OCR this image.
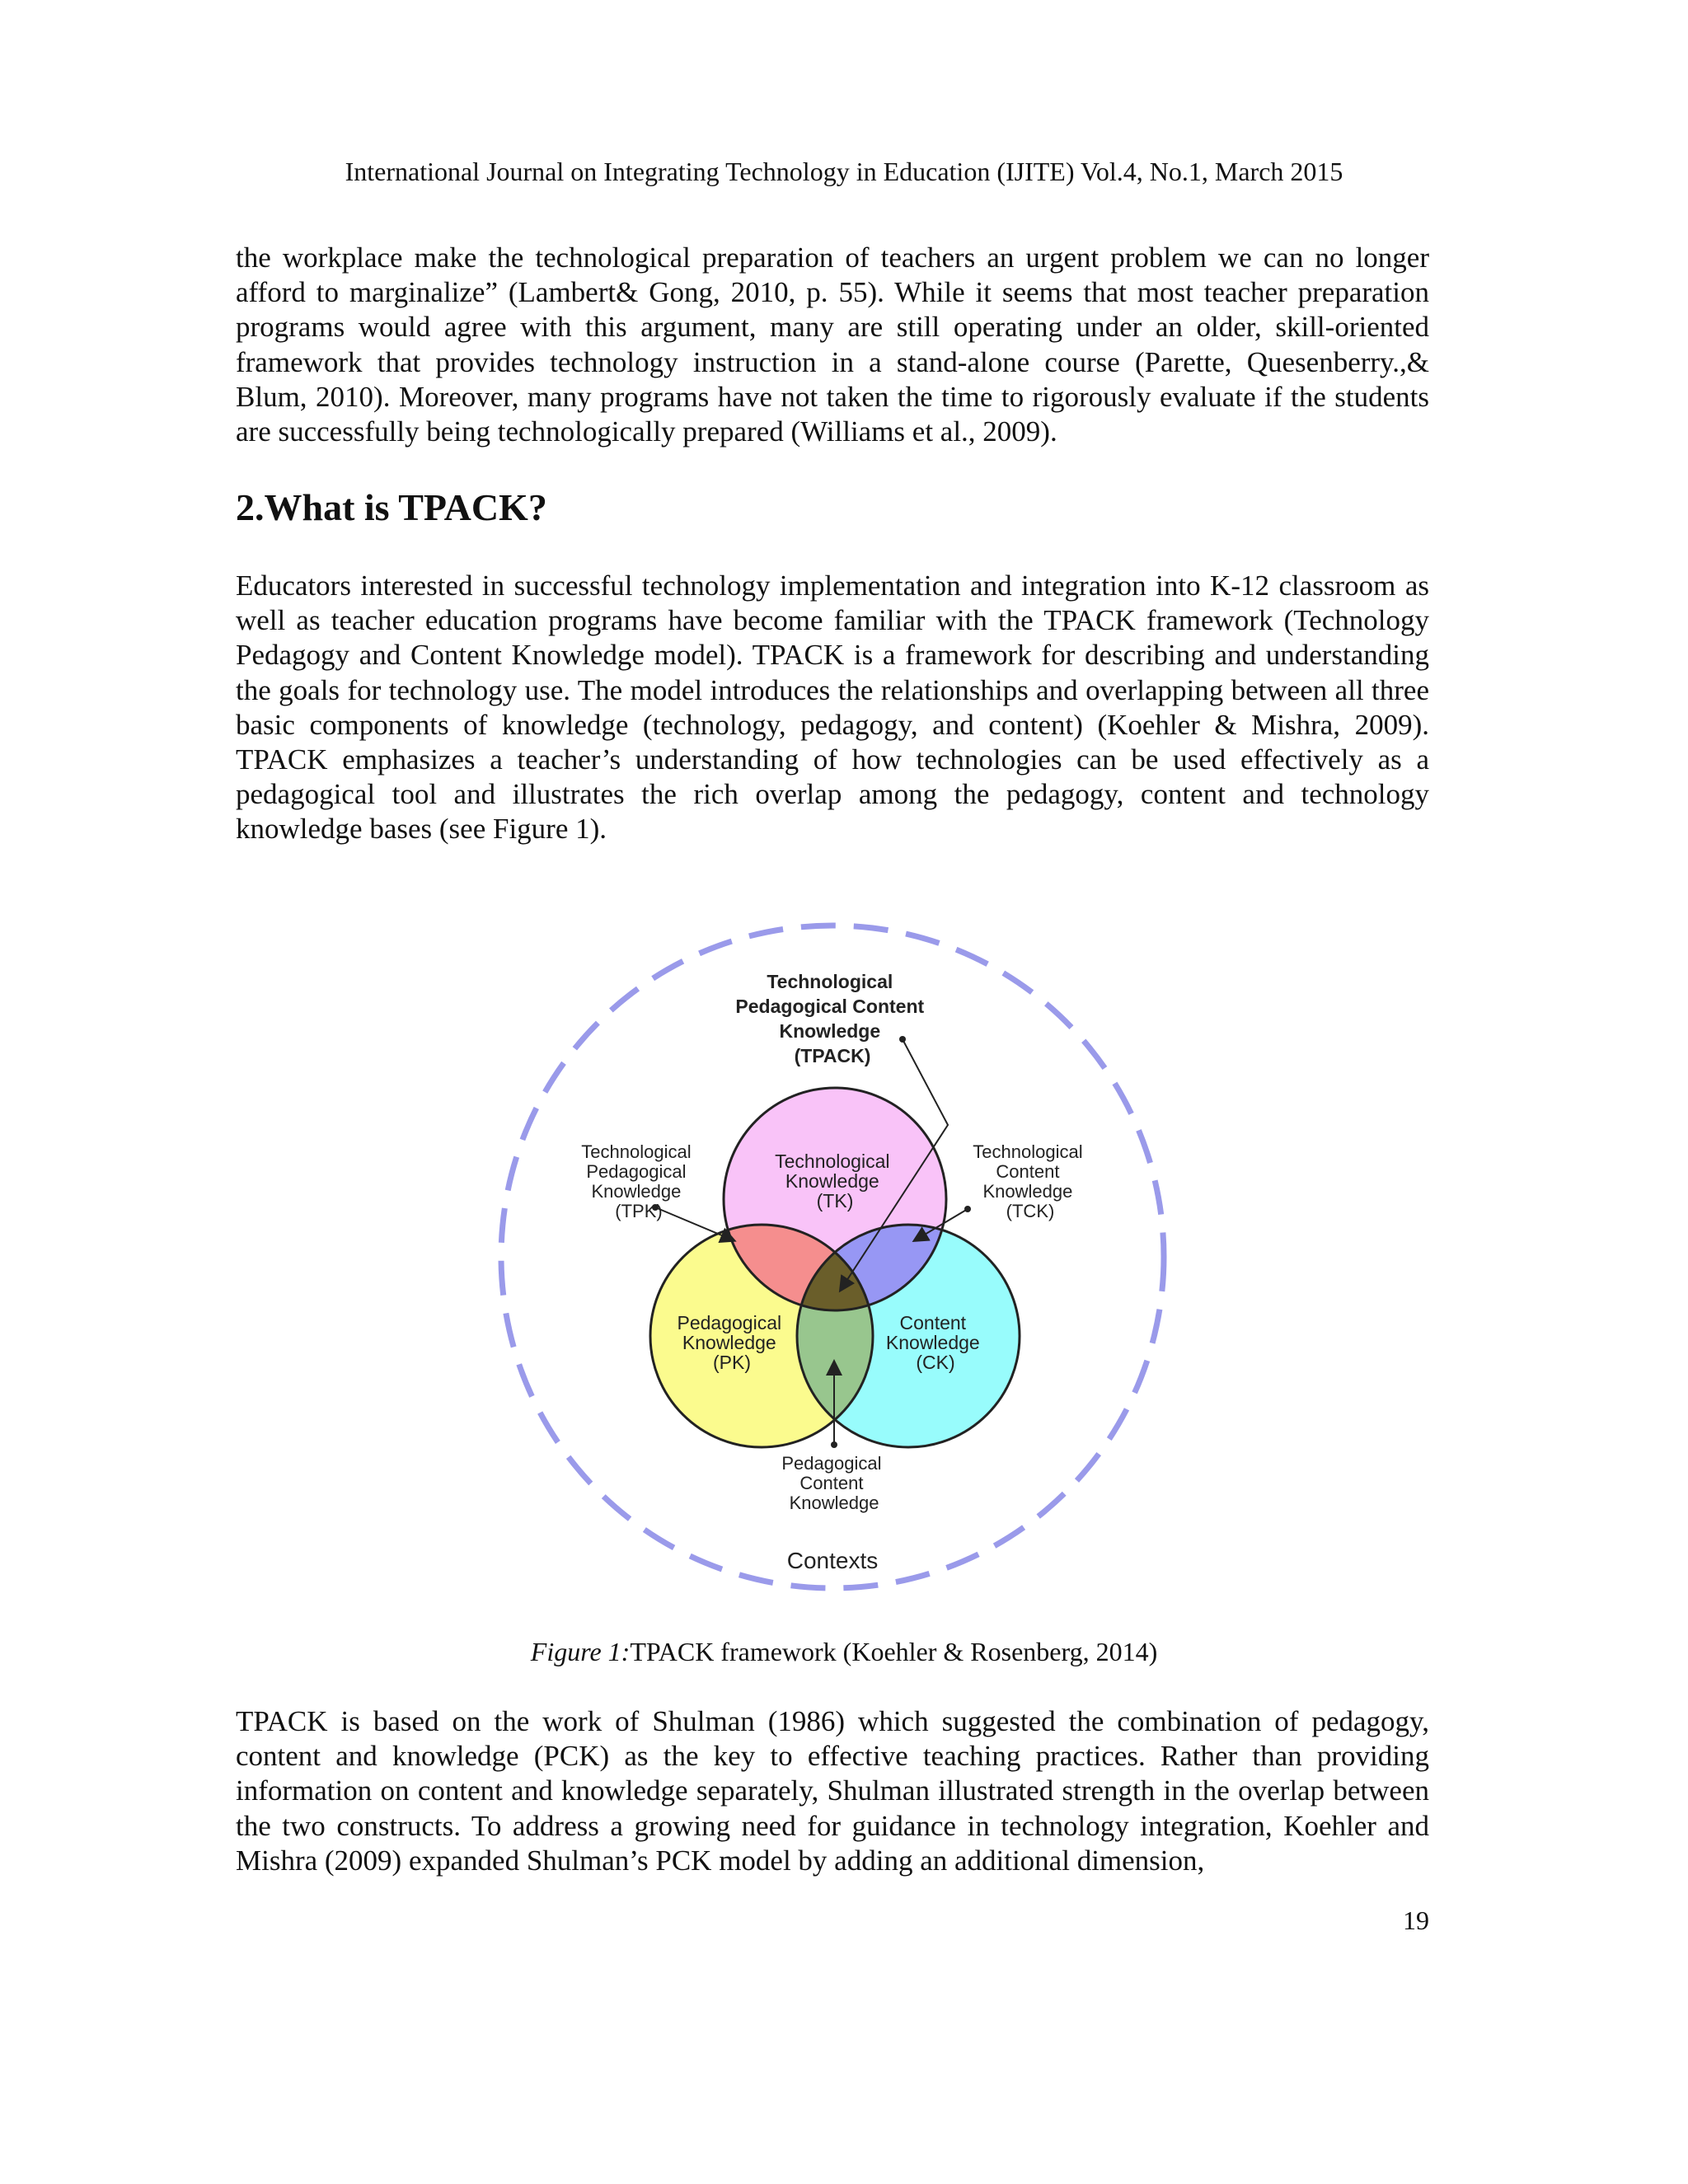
International Journal on Integrating Technology in Education (IJITE) Vol.4, No.1, March 2015

the workplace make the technological preparation of teachers an urgent problem we can no longer afford to marginalize” (Lambert& Gong, 2010, p. 55). While it seems that most teacher preparation programs would agree with this argument, many are still operating under an older, skill-oriented framework that provides technology instruction in a stand-alone course (Parette, Quesenberry.,& Blum, 2010). Moreover, many programs have not taken the time to rigorously evaluate if the students are successfully being technologically prepared (Williams et al., 2009).

2.What is TPACK?

Educators interested in successful technology implementation and integration into K-12 classroom as well as teacher education programs have become familiar with the TPACK framework (Technology Pedagogy and Content Knowledge model). TPACK is a framework for describing and understanding the goals for technology use. The model introduces the relationships and overlapping between all three basic components of knowledge (technology, pedagogy, and content) (Koehler & Mishra, 2009). TPACK emphasizes a teacher’s understanding of how technologies can be used effectively as a pedagogical tool and illustrates the rich overlap among the pedagogy, content and technology knowledge bases (see Figure 1).

Technological Pedagogical Content Knowledge (TPACK)
Technological Pedagogical Knowledge (TPK)
Technological Knowledge (TK)
Technological Content Knowledge (TCK)
Pedagogical Knowledge (PK)
Content Knowledge (CK)
Pedagogical Content Knowledge
Contexts
Figure 1:TPACK framework (Koehler & Rosenberg, 2014)

TPACK is based on the work of Shulman (1986) which suggested the combination of pedagogy, content and knowledge (PCK) as the key to effective teaching practices. Rather than providing information on content and knowledge separately, Shulman illustrated strength in the overlap between the two constructs. To address a growing need for guidance in technology integration, Koehler and Mishra (2009) expanded Shulman’s PCK model by adding an additional dimension,

19
